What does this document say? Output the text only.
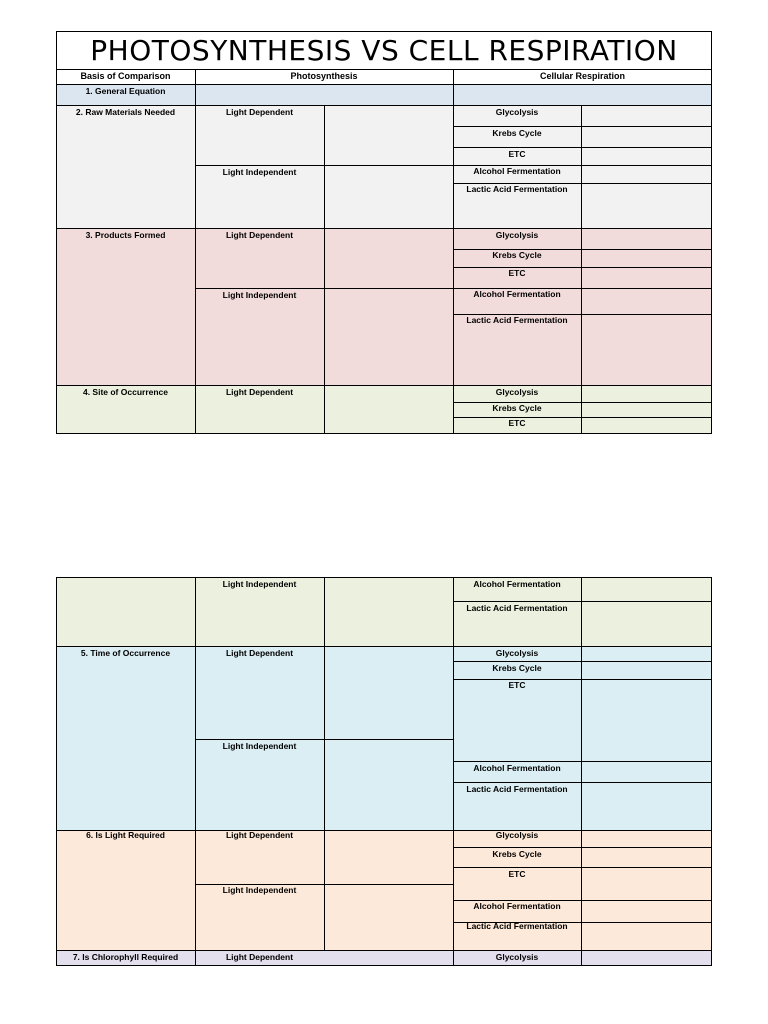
PHOTOSYNTHESIS VS CELL RESPIRATION
Basis of Comparison	Photosynthesis	Cellular Respiration
1. General Equation
2. Raw Materials Needed
3. Products Formed
4. Site of Occurrence
Light Dependent
Light Independent
Light Dependent
Light Independent
Light Dependent
Glycolysis
Krebs Cycle
ETC
Alcohol Fermentation
Lactic Acid Fermentation
Glycolysis
Krebs Cycle
ETC
Alcohol Fermentation
Lactic Acid Fermentation
Glycolysis
Krebs Cycle
ETC
5. Time of Occurrence
6. Is Light Required
7. Is Chlorophyll Required
Light Independent
Light Dependent
Light Independent
Light Dependent
Light Independent
Light Dependent
Alcohol Fermentation
Lactic Acid Fermentation
Glycolysis
Krebs Cycle
ETC
Alcohol Fermentation
Lactic Acid Fermentation
Glycolysis
Krebs Cycle
ETC
Alcohol Fermentation
Lactic Acid Fermentation
Glycolysis
